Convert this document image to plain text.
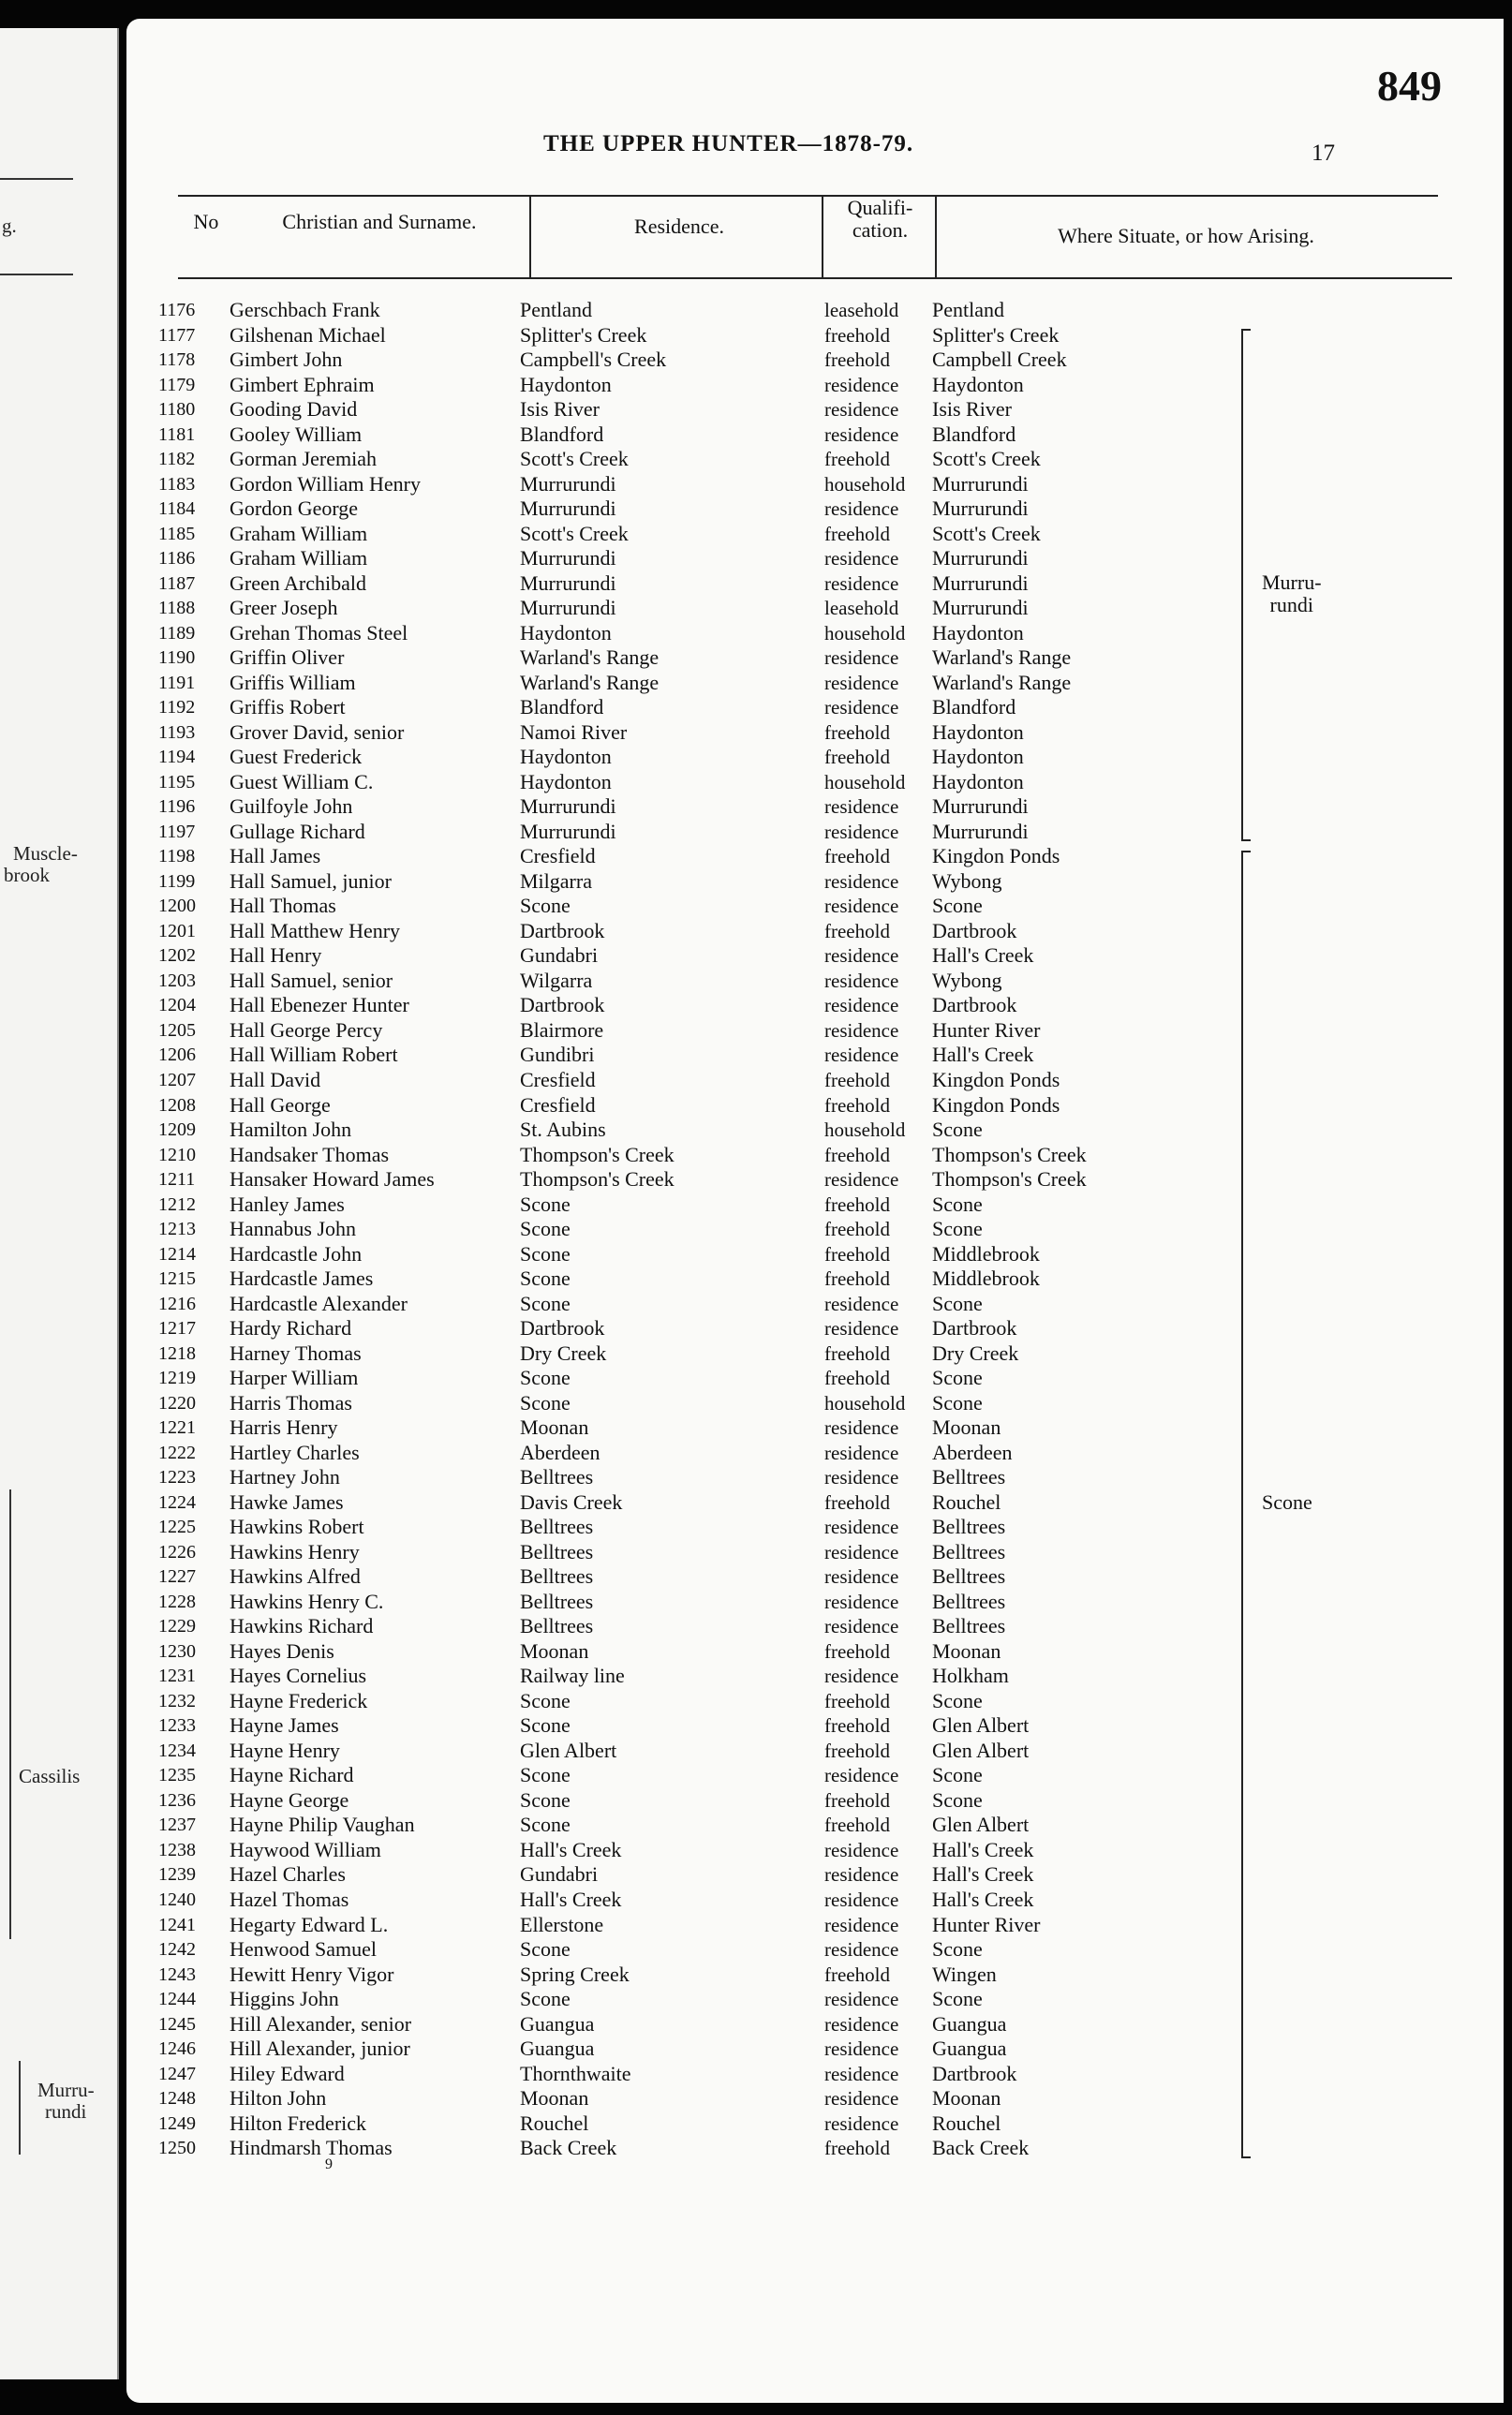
g.
Muscle-
brook
Cassilis
Murru-
rundi
849
THE UPPER HUNTER—1878-79.	17
No	Christian and Surname.	Residence.
Qualifi-
cation.	Where Situate, or how Arising.
1176 Gerschbach Frank	Pentland	leasehold Pentland
1177 Gilshenan Michael	Splitter's Creek	freehold Splitter's Creek
1178 Gimbert John	Campbell's Creek	freehold Campbell Creek
1179 Gimbert Ephraim	Haydonton	residence Haydonton
1180 Gooding David	Isis River	residence Isis River
1181 Gooley William	Blandford	residence Blandford
1182 Gorman Jeremiah	Scott's Creek	freehold Scott's Creek
1183 Gordon William Henry	Murrurundi	household Murrurundi
1184 Gordon George	Murrurundi	residence Murrurundi
1185 Graham William	Scott's Creek	freehold Scott's Creek
1186 Graham William	Murrurundi	residence Murrurundi
1187 Green Archibald	Murrurundi	residence Murrurundi
1188 Greer Joseph	Murrurundi	leasehold Murrurundi
1189 Grehan Thomas Steel	Haydonton	household Haydonton
1190 Griffin Oliver	Warland's Range	residence Warland's Range
1191 Griffis William	Warland's Range	residence Warland's Range
1192 Griffis Robert	Blandford	residence Blandford
1193 Grover David, senior	Namoi River	freehold Haydonton
1194 Guest Frederick	Haydonton	freehold Haydonton
1195 Guest William C.	Haydonton	household Haydonton
1196 Guilfoyle John	Murrurundi	residence Murrurundi
1197 Gullage Richard	Murrurundi	residence Murrurundi
1198 Hall James	Cresfield	freehold Kingdon Ponds
1199 Hall Samuel, junior	Milgarra	residence Wybong
1200 Hall Thomas	Scone	residence Scone
1201 Hall Matthew Henry	Dartbrook	freehold Dartbrook
1202 Hall Henry	Gundabri	residence Hall's Creek
1203 Hall Samuel, senior	Wilgarra	residence Wybong
1204 Hall Ebenezer Hunter	Dartbrook	residence Dartbrook
1205 Hall George Percy	Blairmore	residence Hunter River
1206 Hall William Robert	Gundibri	residence Hall's Creek
1207 Hall David	Cresfield	freehold Kingdon Ponds
1208 Hall George	Cresfield	freehold Kingdon Ponds
1209 Hamilton John	St. Aubins	household Scone
1210 Handsaker Thomas	Thompson's Creek	freehold Thompson's Creek
1211 Hansaker Howard James	Thompson's Creek	residence Thompson's Creek
1212 Hanley James	Scone	freehold Scone
1213 Hannabus John	Scone	freehold Scone
1214 Hardcastle John	Scone	freehold Middlebrook
1215 Hardcastle James	Scone	freehold Middlebrook
1216 Hardcastle Alexander	Scone	residence Scone
1217 Hardy Richard	Dartbrook	residence Dartbrook
1218 Harney Thomas	Dry Creek	freehold Dry Creek
1219 Harper William	Scone	freehold Scone
1220 Harris Thomas	Scone	household Scone
1221 Harris Henry	Moonan	residence Moonan
1222 Hartley Charles	Aberdeen	residence Aberdeen
1223 Hartney John	Belltrees	residence Belltrees
1224 Hawke James	Davis Creek	freehold Rouchel
1225 Hawkins Robert	Belltrees	residence Belltrees
1226 Hawkins Henry	Belltrees	residence Belltrees
1227 Hawkins Alfred	Belltrees	residence Belltrees
1228 Hawkins Henry C.	Belltrees	residence Belltrees
1229 Hawkins Richard	Belltrees	residence Belltrees
1230 Hayes Denis	Moonan	freehold Moonan
1231 Hayes Cornelius	Railway line	residence Holkham
1232 Hayne Frederick	Scone	freehold Scone
1233 Hayne James	Scone	freehold Glen Albert
1234 Hayne Henry	Glen Albert	freehold Glen Albert
1235 Hayne Richard	Scone	residence Scone
1236 Hayne George	Scone	freehold Scone
1237 Hayne Philip Vaughan	Scone	freehold Glen Albert
1238 Haywood William	Hall's Creek	residence Hall's Creek
1239 Hazel Charles	Gundabri	residence Hall's Creek
1240 Hazel Thomas	Hall's Creek	residence Hall's Creek
1241 Hegarty Edward L.	Ellerstone	residence Hunter River
1242 Henwood Samuel	Scone	residence Scone
1243 Hewitt Henry Vigor	Spring Creek	freehold Wingen
1244 Higgins John	Scone	residence Scone
1245 Hill Alexander, senior	Guangua	residence Guangua
1246 Hill Alexander, junior	Guangua	residence Guangua
1247 Hiley Edward	Thornthwaite	residence Dartbrook
1248 Hilton John	Moonan	residence Moonan
1249 Hilton Frederick	Rouchel	residence Rouchel
1250 Hindmarsh Thomas	Back Creek	freehold Back Creek
Murru-
rundi
Scone
9
